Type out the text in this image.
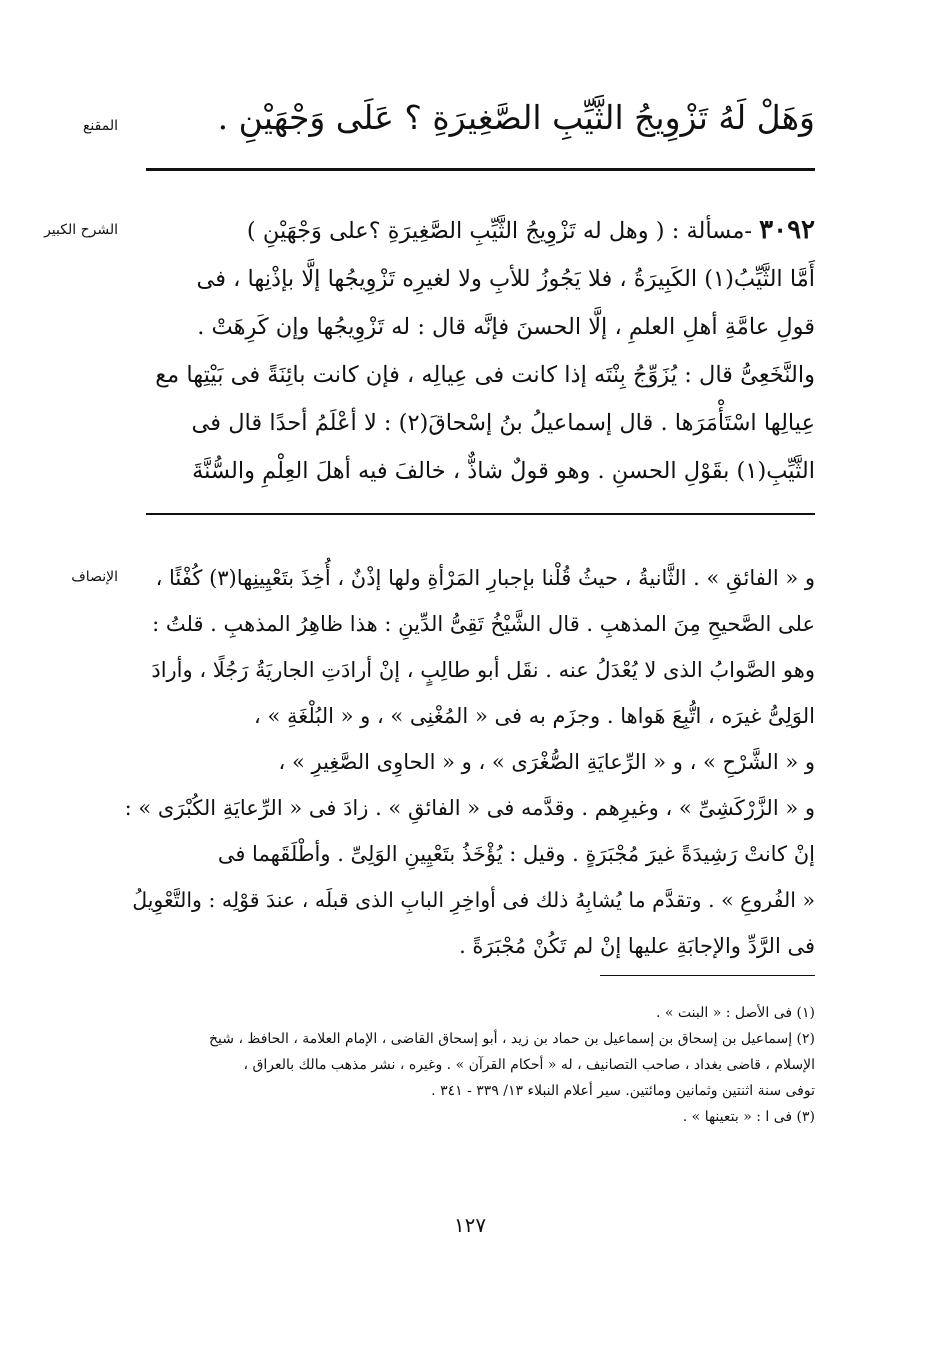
المقنع	وَهَلْ لَهُ تَزْوِيجُ الثَّيِّبِ الصَّغِيرَةِ ؟ عَلَى وَجْهَيْنِ .
الشرح الكبير	٣٠٩٢ -مسألة : ( وهل له تَزْوِيجُ الثَّيِّبِ الصَّغِيرَةِ ؟على وَجْهَيْنِ )
أَمَّا الثَّيِّبُ(١) الكَبِيرَةُ ، فلا يَجُوزُ للأبِ ولا لغيرِه تَزْوِيجُها إلَّا بإذْنِها ، فى
قولِ عامَّةِ أهلِ العلمِ ، إلَّا الحسنَ فإنَّه قال : له تَزْوِيجُها وإن كَرِهَتْ .
والنَّخَعِىُّ قال : يُزَوِّجُ بِنْتَه إذا كانت فى عِيالِه ، فإن كانت بائِنَةً فى بَيْتِها مع
عِيالِها اسْتَأْمَرَها . قال إسماعيلُ بنُ إسْحاقَ(٢) : لا أعْلَمُ أحدًا قال فى
الثَّيِّبِ(١) بقَوْلِ الحسنِ . وهو قولٌ شاذٌّ ، خالفَ فيه أهلَ العِلْمِ والسُّنَّةَ
الإنصاف	و « الفائقِ » . الثَّانيةُ ، حيثُ قُلْنا بإجبارِ المَرْأةِ ولها إذْنٌ ، أُخِذَ بتَعْيِينِها(٣) كُفْئًا ،
على الصَّحيحِ مِنَ المذهبِ . قال الشَّيْخُ تَقِىُّ الدِّينِ : هذا ظاهِرُ المذهبِ . قلتُ :
وهو الصَّوابُ الذى لا يُعْدَلُ عنه . نقَل أبو طالِبٍ ، إنْ أرادَتِ الجاريَةُ رَجُلًا ، وأرادَ
الوَلِىُّ غيرَه ، اتُّبِعَ هَواها . وجزَم به فى « المُغْنِى » ، و « البُلْغَةِ » ،
و « الشَّرْحِ » ، و « الرِّعايَةِ الصُّغْرَى » ، و « الحاوِى الصَّغِيرِ » ،
و « الزَّرْكَشِىِّ » ، وغيرِهم . وقدَّمه فى « الفائقِ » . زادَ فى « الرِّعايَةِ الكُبْرَى » :
إنْ كانتْ رَشِيدَةً غيرَ مُجْبَرَةٍ . وقيل : يُؤْخَذُ بتَعْيِينِ الوَلِىِّ . وأطْلَقَهما فى
« الفُروعِ » . وتقدَّم ما يُشابِهُ ذلك فى أواخِرِ البابِ الذى قبلَه ، عندَ قوْلِه : والتَّعْوِيلُ
فى الرَّدِّ والإجابَةِ عليها إنْ لم تَكُنْ مُجْبَرَةً .
(١) فى الأصل : « البنت » .
(٢) إسماعيل بن إسحاق بن إسماعيل بن حماد بن زيد ، أبو إسحاق القاضى ، الإمام العلامة ، الحافظ ، شيخ
الإسلام ، قاضى بغداد ، صاحب التصانيف ، له « أحكام القرآن » . وغيره ، نشر مذهب مالك بالعراق ،
توفى سنة اثنتين وثمانين ومائتين. سير أعلام النبلاء ١٣/ ٣٣٩ - ٣٤١ .
(٣) فى ا : « بتعينها » .
١٢٧
